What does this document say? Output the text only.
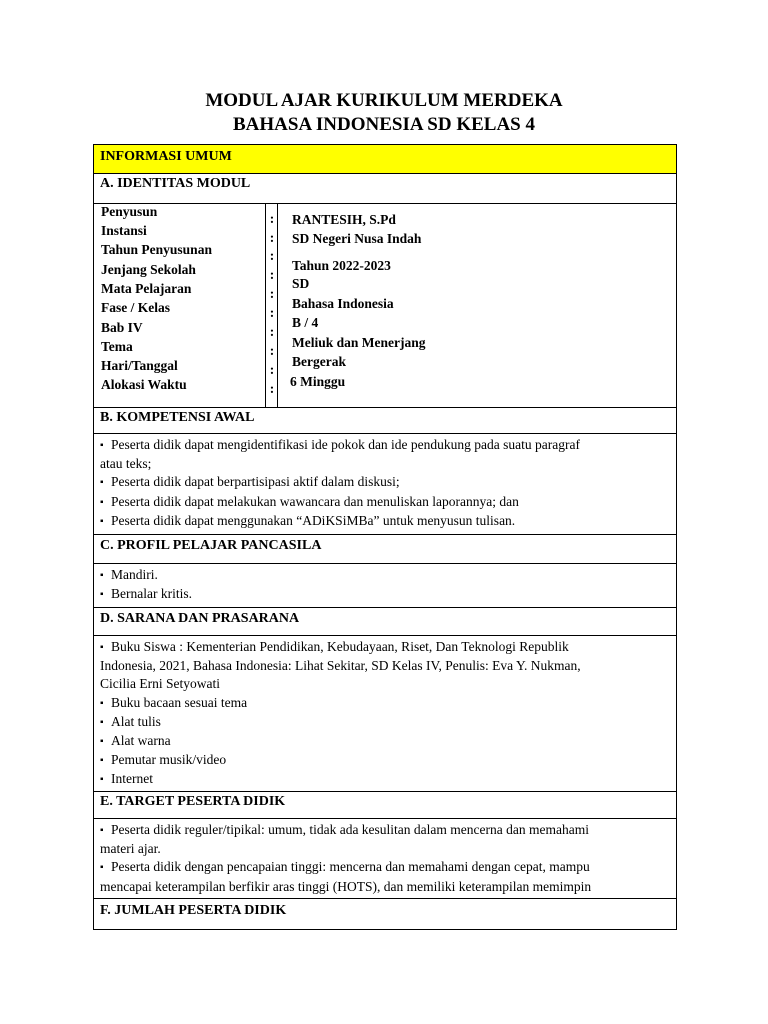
MODUL AJAR KURIKULUM MERDEKA
BAHASA INDONESIA SD KELAS 4
INFORMASI UMUM
A. IDENTITAS MODUL
Penyusun
Instansi
Tahun Penyusunan
Jenjang Sekolah
Mata Pelajaran
Fase / Kelas
Bab IV
Tema
Hari/Tanggal
Alokasi Waktu
:
:
:
:
:
:
:
:
:
:
RANTESIH, S.Pd
SD Negeri Nusa Indah
Tahun 2022-2023
SD
Bahasa Indonesia
B / 4
Meliuk dan Menerjang
Bergerak
6 Minggu
B. KOMPETENSI AWAL
▪ Peserta didik dapat mengidentifikasi ide pokok dan ide pendukung pada suatu paragraf
atau teks;
▪ Peserta didik dapat berpartisipasi aktif dalam diskusi;
▪ Peserta didik dapat melakukan wawancara dan menuliskan laporannya; dan
▪ Peserta didik dapat menggunakan “ADiKSiMBa” untuk menyusun tulisan.
C. PROFIL PELAJAR PANCASILA
▪ Mandiri.
▪ Bernalar kritis.
D. SARANA DAN PRASARANA
▪ Buku Siswa : Kementerian Pendidikan, Kebudayaan, Riset, Dan Teknologi Republik
Indonesia, 2021, Bahasa Indonesia: Lihat Sekitar, SD Kelas IV, Penulis: Eva Y. Nukman,
Cicilia Erni Setyowati
▪ Buku bacaan sesuai tema
▪ Alat tulis
▪ Alat warna
▪ Pemutar musik/video
▪ Internet
E. TARGET PESERTA DIDIK
▪ Peserta didik reguler/tipikal: umum, tidak ada kesulitan dalam mencerna dan memahami
materi ajar.
▪ Peserta didik dengan pencapaian tinggi: mencerna dan memahami dengan cepat, mampu
mencapai keterampilan berfikir aras tinggi (HOTS), dan memiliki keterampilan memimpin
F. JUMLAH PESERTA DIDIK
